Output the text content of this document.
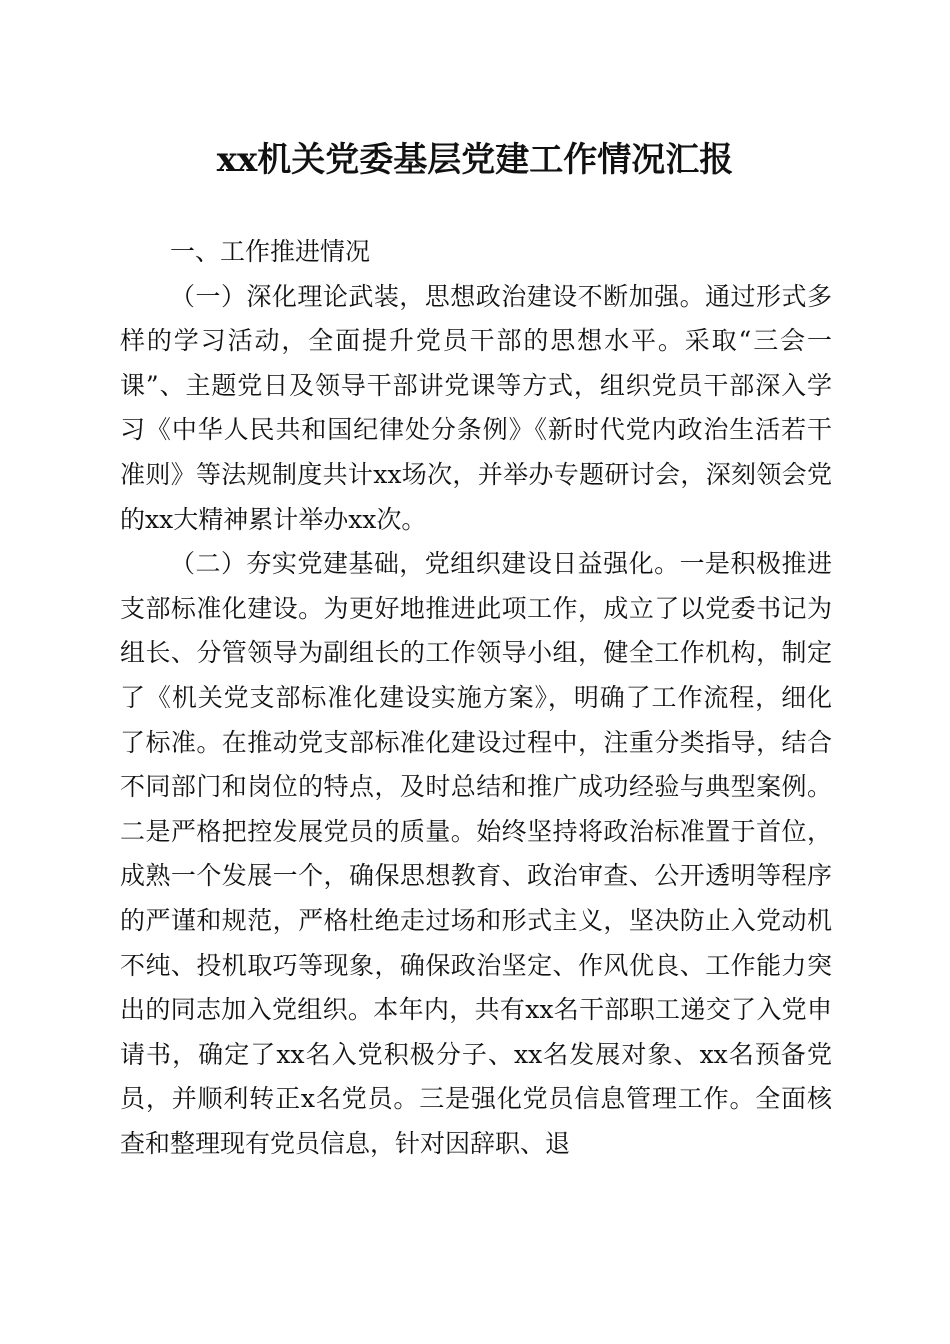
xx机关党委基层党建工作情况汇报

一、工作推进情况

（一）深化理论武装，思想政治建设不断加强。通过形式多样的学习活动，全面提升党员干部的思想水平。采取“三会一课”、主题党日及领导干部讲党课等方式，组织党员干部深入学习《中华人民共和国纪律处分条例》《新时代党内政治生活若干准则》等法规制度共计xx场次，并举办专题研讨会，深刻领会党的xx大精神累计举办xx次。

（二）夯实党建基础，党组织建设日益强化。一是积极推进支部标准化建设。为更好地推进此项工作，成立了以党委书记为组长、分管领导为副组长的工作领导小组，健全工作机构，制定了《机关党支部标准化建设实施方案》，明确了工作流程，细化了标准。在推动党支部标准化建设过程中，注重分类指导，结合不同部门和岗位的特点，及时总结和推广成功经验与典型案例。二是严格把控发展党员的质量。始终坚持将政治标准置于首位，成熟一个发展一个，确保思想教育、政治审查、公开透明等程序的严谨和规范，严格杜绝走过场和形式主义，坚决防止入党动机不纯、投机取巧等现象，确保政治坚定、作风优良、工作能力突出的同志加入党组织。本年内，共有xx名干部职工递交了入党申请书，确定了xx名入党积极分子、xx名发展对象、xx名预备党员，并顺利转正x名党员。三是强化党员信息管理工作。全面核查和整理现有党员信息，针对因辞职、退
